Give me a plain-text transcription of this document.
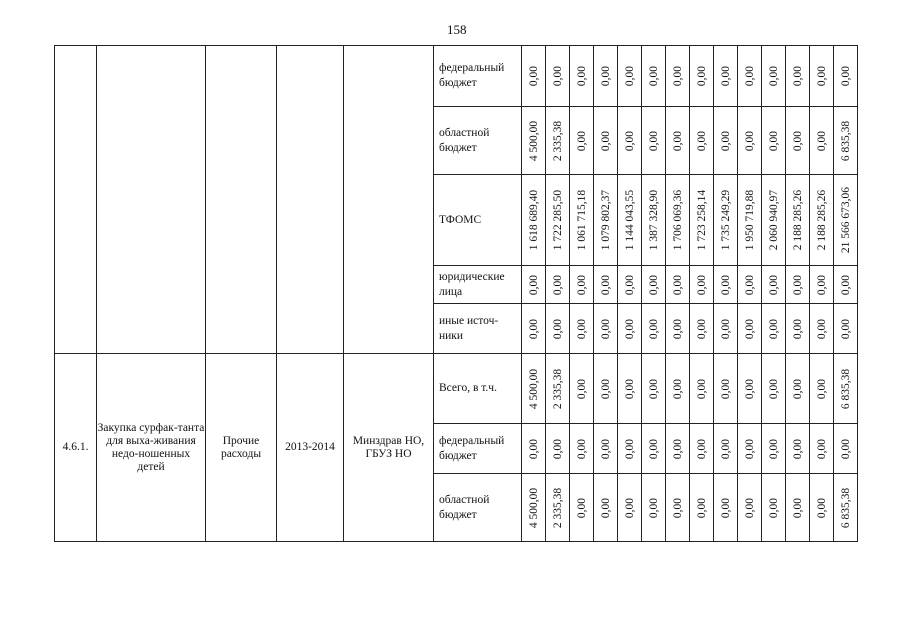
158
					федеральный бюджет	0,00	0,00	0,00	0,00	0,00	0,00	0,00	0,00	0,00	0,00	0,00	0,00	0,00	0,00

					областной бюджет	4 500,00	2 335,38	0,00	0,00	0,00	0,00	0,00	0,00	0,00	0,00	0,00	0,00	0,00	6 835,38

					ТФОМС	1 618 689,40	1 722 285,50	1 061 715,18	1 079 802,37	1 144 043,55	1 387 328,90	1 706 069,36	1 723 258,14	1 735 249,29	1 950 719,88	2 060 940,97	2 188 285,26	2 188 285,26	21 566 673,06

					юридические лица	0,00	0,00	0,00	0,00	0,00	0,00	0,00	0,00	0,00	0,00	0,00	0,00	0,00	0,00

					иные источ-ники	0,00	0,00	0,00	0,00	0,00	0,00	0,00	0,00	0,00	0,00	0,00	0,00	0,00	0,00

4.6.1.	Закупка сурфак-танта для выха-живания недо-ношенных детей	Прочие расходы	2013-2014	Минздрав НО, ГБУЗ НО	Всего, в т.ч.	4 500,00	2 335,38	0,00	0,00	0,00	0,00	0,00	0,00	0,00	0,00	0,00	0,00	0,00	6 835,38

					федеральный бюджет	0,00	0,00	0,00	0,00	0,00	0,00	0,00	0,00	0,00	0,00	0,00	0,00	0,00	0,00

					областной бюджет	4 500,00	2 335,38	0,00	0,00	0,00	0,00	0,00	0,00	0,00	0,00	0,00	0,00	0,00	6 835,38
